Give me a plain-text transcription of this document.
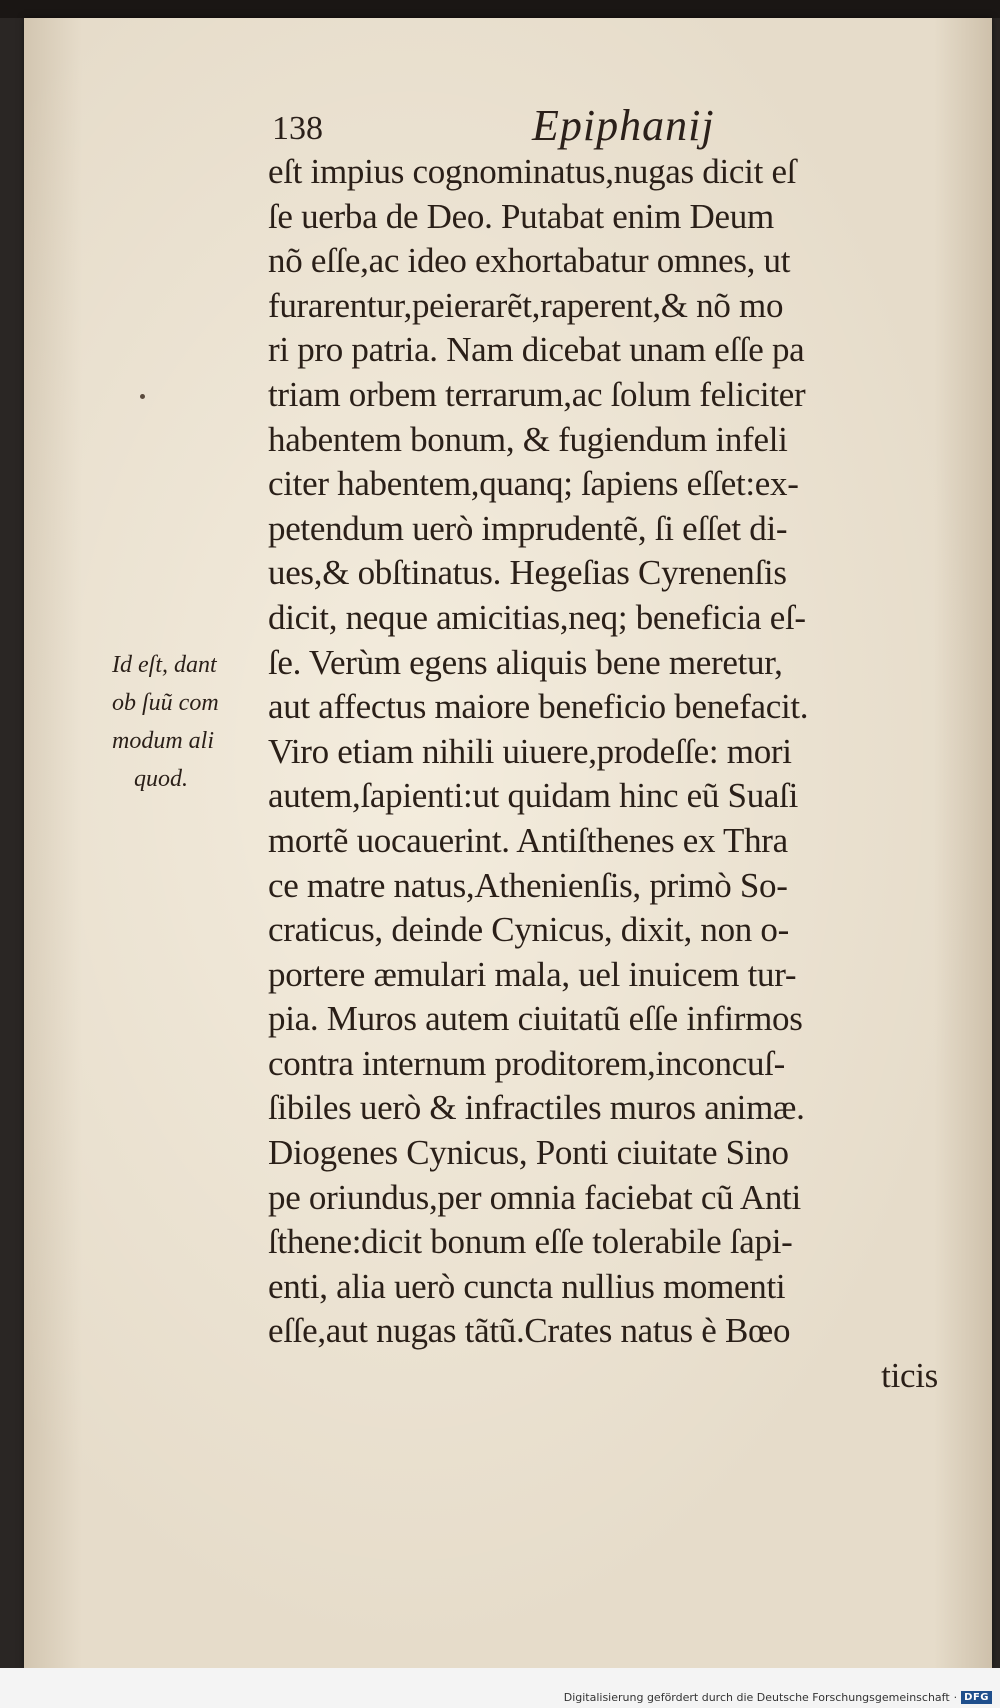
138	Epiphanij
Id eſt, dant
ob ſuũ com
modum ali
quod.
eſt impius cognominatus,nugas dicit eſ
ſe uerba de Deo. Putabat enim Deum
nõ eſſe,ac ideo exhortabatur omnes, ut
furarentur,peierarẽt,raperent,& nõ mo
ri pro patria. Nam dicebat unam eſſe pa
triam orbem terrarum,ac ſolum feliciter
habentem bonum, & fugiendum infeli
citer habentem,quanq; ſapiens eſſet:ex-
petendum uerò imprudentẽ, ſi eſſet di-
ues,& obſtinatus. Hegeſias Cyrenenſis
dicit, neque amicitias,neq; beneficia eſ-
ſe. Verùm egens aliquis bene meretur,
aut affectus maiore beneficio benefacit.
Viro etiam nihili uiuere,prodeſſe: mori
autem,ſapienti:ut quidam hinc eũ Suaſi
mortẽ uocauerint. Antiſthenes ex Thra
ce matre natus,Athenienſis, primò So-
craticus, deinde Cynicus, dixit, non o-
portere æmulari mala, uel inuicem tur-
pia. Muros autem ciuitatũ eſſe infirmos
contra internum proditorem,inconcuſ-
ſibiles uerò & infractiles muros animæ.
Diogenes Cynicus, Ponti ciuitate Sino
pe oriundus,per omnia faciebat cũ Anti
ſthene:dicit bonum eſſe tolerabile ſapi-
enti, alia uerò cuncta nullius momenti
eſſe,aut nugas tãtũ.Crates natus è Bœo
ticis
Digitalisierung gefördert durch die Deutsche Forschungsgemeinschaft · DFG
